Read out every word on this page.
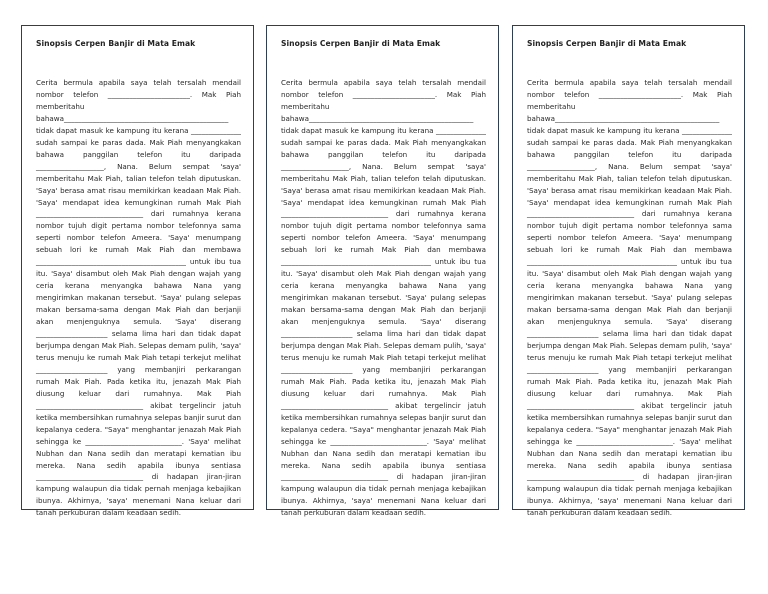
Sinopsis Cerpen Banjir di Mata Emak

Cerita bermula apabila saya telah tersalah mendail nombor telefon _______________________. Mak Piah memberitahu bahawa______________________________________________ tidak dapat masuk ke kampung itu kerana ______________ sudah sampai ke paras dada. Mak Piah menyangkakan bahawa panggilan telefon itu daripada ___________________, Nana. Belum sempat 'saya' memberitahu Mak Piah, talian telefon telah diputuskan. 'Saya' berasa amat risau memikirkan keadaan Mak Piah. 'Saya' mendapat idea kemungkinan rumah Mak Piah ______________________________ dari rumahnya kerana nombor tujuh digit pertama nombor telefonnya sama seperti nombor telefon Ameera. 'Saya' menumpang sebuah lori ke rumah Mak Piah dan membawa __________________________________________ untuk ibu tua itu. 'Saya' disambut oleh Mak Piah dengan wajah yang ceria kerana menyangka bahawa Nana yang mengirimkan makanan tersebut. 'Saya' pulang selepas makan bersama-sama dengan Mak Piah dan berjanji akan menjenguknya semula. 'Saya' diserang ____________________ selama lima hari dan tidak dapat berjumpa dengan Mak Piah. Selepas demam pulih, 'saya' terus menuju ke rumah Mak Piah tetapi terkejut melihat ____________________ yang membanjiri perkarangan rumah Mak Piah. Pada ketika itu, jenazah Mak Piah diusung keluar dari rumahnya. Mak Piah ______________________________ akibat tergelincir jatuh ketika membersihkan rumahnya selepas banjir surut dan kepalanya cedera. "Saya" menghantar jenazah Mak Piah sehingga ke ___________________________. 'Saya' melihat Nubhan dan Nana sedih dan meratapi kematian ibu mereka. Nana sedih apabila ibunya sentiasa ______________________________ di hadapan jiran-jiran kampung walaupun dia tidak pernah menjaga kebajikan ibunya. Akhirnya, 'saya' menemani Nana keluar dari tanah perkuburan dalam keadaan sedih.

Sinopsis Cerpen Banjir di Mata Emak

Cerita bermula apabila saya telah tersalah mendail nombor telefon _______________________. Mak Piah memberitahu bahawa______________________________________________ tidak dapat masuk ke kampung itu kerana ______________ sudah sampai ke paras dada. Mak Piah menyangkakan bahawa panggilan telefon itu daripada ___________________, Nana. Belum sempat 'saya' memberitahu Mak Piah, talian telefon telah diputuskan. 'Saya' berasa amat risau memikirkan keadaan Mak Piah. 'Saya' mendapat idea kemungkinan rumah Mak Piah ______________________________ dari rumahnya kerana nombor tujuh digit pertama nombor telefonnya sama seperti nombor telefon Ameera. 'Saya' menumpang sebuah lori ke rumah Mak Piah dan membawa __________________________________________ untuk ibu tua itu. 'Saya' disambut oleh Mak Piah dengan wajah yang ceria kerana menyangka bahawa Nana yang mengirimkan makanan tersebut. 'Saya' pulang selepas makan bersama-sama dengan Mak Piah dan berjanji akan menjenguknya semula. 'Saya' diserang ____________________ selama lima hari dan tidak dapat berjumpa dengan Mak Piah. Selepas demam pulih, 'saya' terus menuju ke rumah Mak Piah tetapi terkejut melihat ____________________ yang membanjiri perkarangan rumah Mak Piah. Pada ketika itu, jenazah Mak Piah diusung keluar dari rumahnya. Mak Piah ______________________________ akibat tergelincir jatuh ketika membersihkan rumahnya selepas banjir surut dan kepalanya cedera. "Saya" menghantar jenazah Mak Piah sehingga ke ___________________________. 'Saya' melihat Nubhan dan Nana sedih dan meratapi kematian ibu mereka. Nana sedih apabila ibunya sentiasa ______________________________ di hadapan jiran-jiran kampung walaupun dia tidak pernah menjaga kebajikan ibunya. Akhirnya, 'saya' menemani Nana keluar dari tanah perkuburan dalam keadaan sedih.

Sinopsis Cerpen Banjir di Mata Emak

Cerita bermula apabila saya telah tersalah mendail nombor telefon _______________________. Mak Piah memberitahu bahawa______________________________________________ tidak dapat masuk ke kampung itu kerana ______________ sudah sampai ke paras dada. Mak Piah menyangkakan bahawa panggilan telefon itu daripada ___________________, Nana. Belum sempat 'saya' memberitahu Mak Piah, talian telefon telah diputuskan. 'Saya' berasa amat risau memikirkan keadaan Mak Piah. 'Saya' mendapat idea kemungkinan rumah Mak Piah ______________________________ dari rumahnya kerana nombor tujuh digit pertama nombor telefonnya sama seperti nombor telefon Ameera. 'Saya' menumpang sebuah lori ke rumah Mak Piah dan membawa __________________________________________ untuk ibu tua itu. 'Saya' disambut oleh Mak Piah dengan wajah yang ceria kerana menyangka bahawa Nana yang mengirimkan makanan tersebut. 'Saya' pulang selepas makan bersama-sama dengan Mak Piah dan berjanji akan menjenguknya semula. 'Saya' diserang ____________________ selama lima hari dan tidak dapat berjumpa dengan Mak Piah. Selepas demam pulih, 'saya' terus menuju ke rumah Mak Piah tetapi terkejut melihat ____________________ yang membanjiri perkarangan rumah Mak Piah. Pada ketika itu, jenazah Mak Piah diusung keluar dari rumahnya. Mak Piah ______________________________ akibat tergelincir jatuh ketika membersihkan rumahnya selepas banjir surut dan kepalanya cedera. "Saya" menghantar jenazah Mak Piah sehingga ke ___________________________. 'Saya' melihat Nubhan dan Nana sedih dan meratapi kematian ibu mereka. Nana sedih apabila ibunya sentiasa ______________________________ di hadapan jiran-jiran kampung walaupun dia tidak pernah menjaga kebajikan ibunya. Akhirnya, 'saya' menemani Nana keluar dari tanah perkuburan dalam keadaan sedih.
